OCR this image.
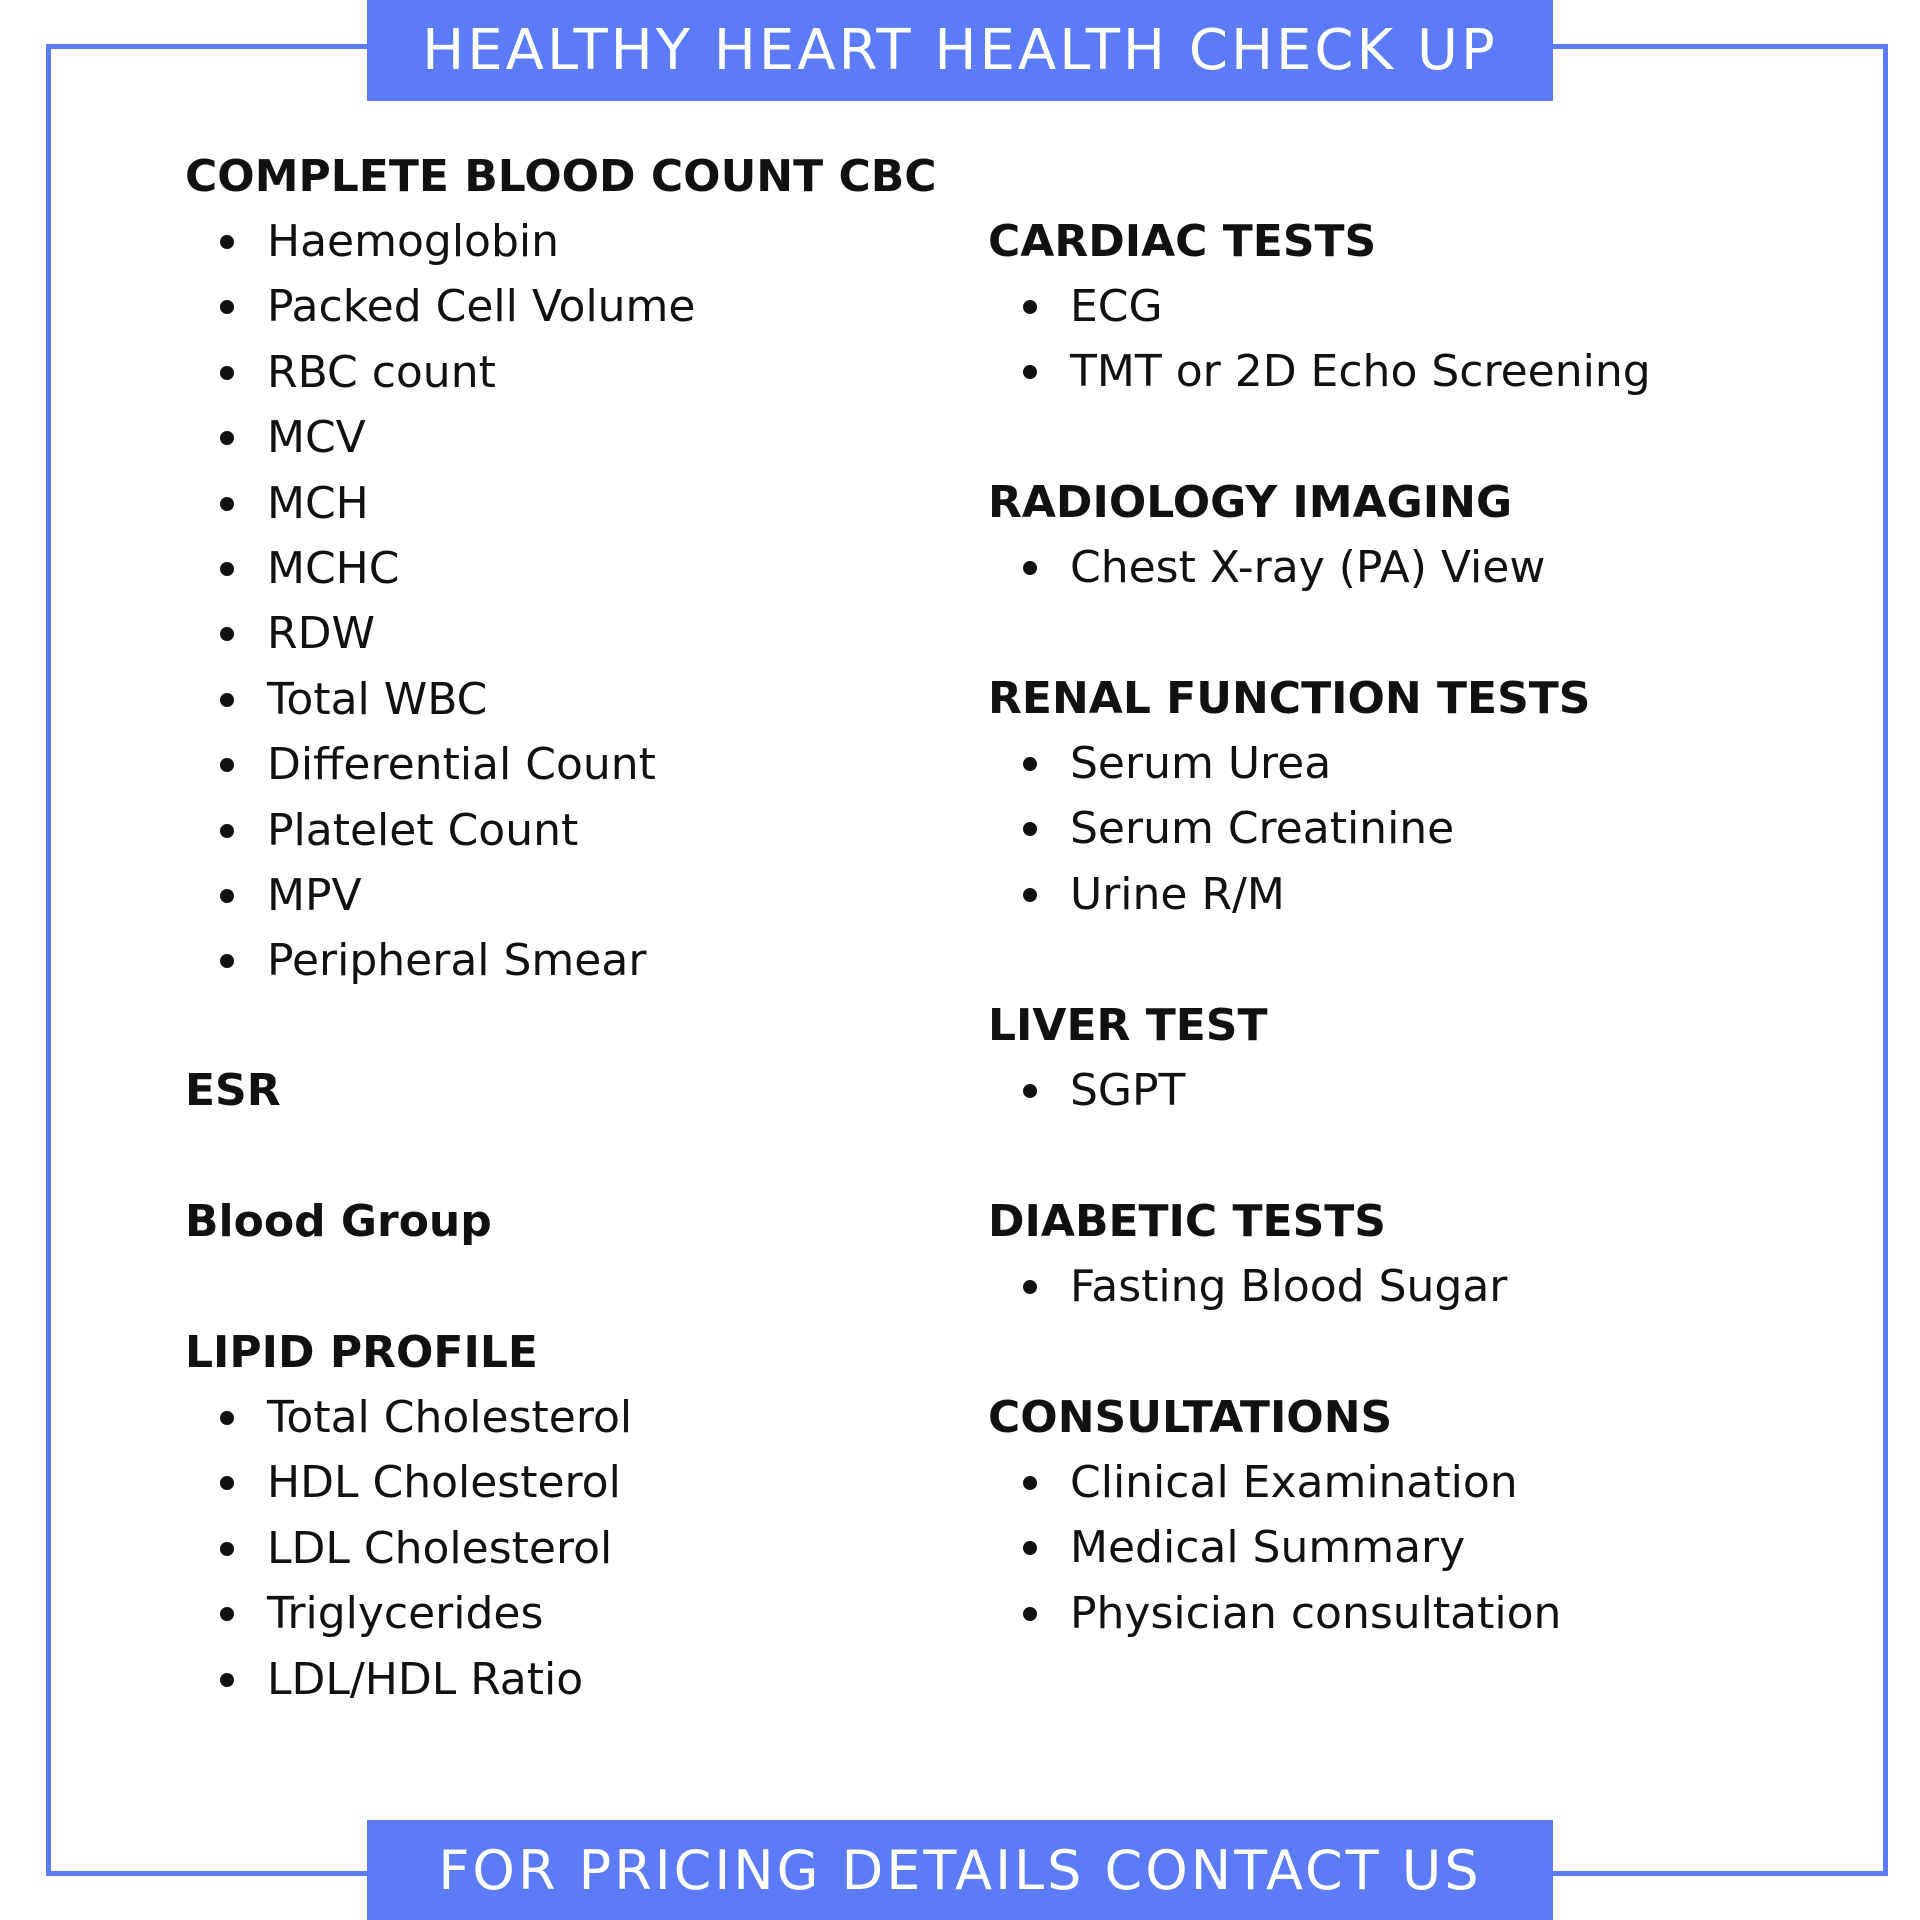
HEALTHY HEART HEALTH CHECK UP
COMPLETE BLOOD COUNT CBC
Haemoglobin
Packed Cell Volume
RBC count
MCV
MCH
MCHC
RDW
Total WBC
Differential Count
Platelet Count
MPV
Peripheral Smear
ESR
Blood Group
LIPID PROFILE
Total Cholesterol
HDL Cholesterol
LDL Cholesterol
Triglycerides
LDL/HDL Ratio
CARDIAC TESTS
ECG
TMT or 2D Echo Screening
RADIOLOGY IMAGING
Chest X-ray (PA) View
RENAL FUNCTION TESTS
Serum Urea
Serum Creatinine
Urine R/M
LIVER TEST
SGPT
DIABETIC TESTS
Fasting Blood Sugar
CONSULTATIONS
Clinical Examination
Medical Summary
Physician consultation
FOR PRICING DETAILS CONTACT US
